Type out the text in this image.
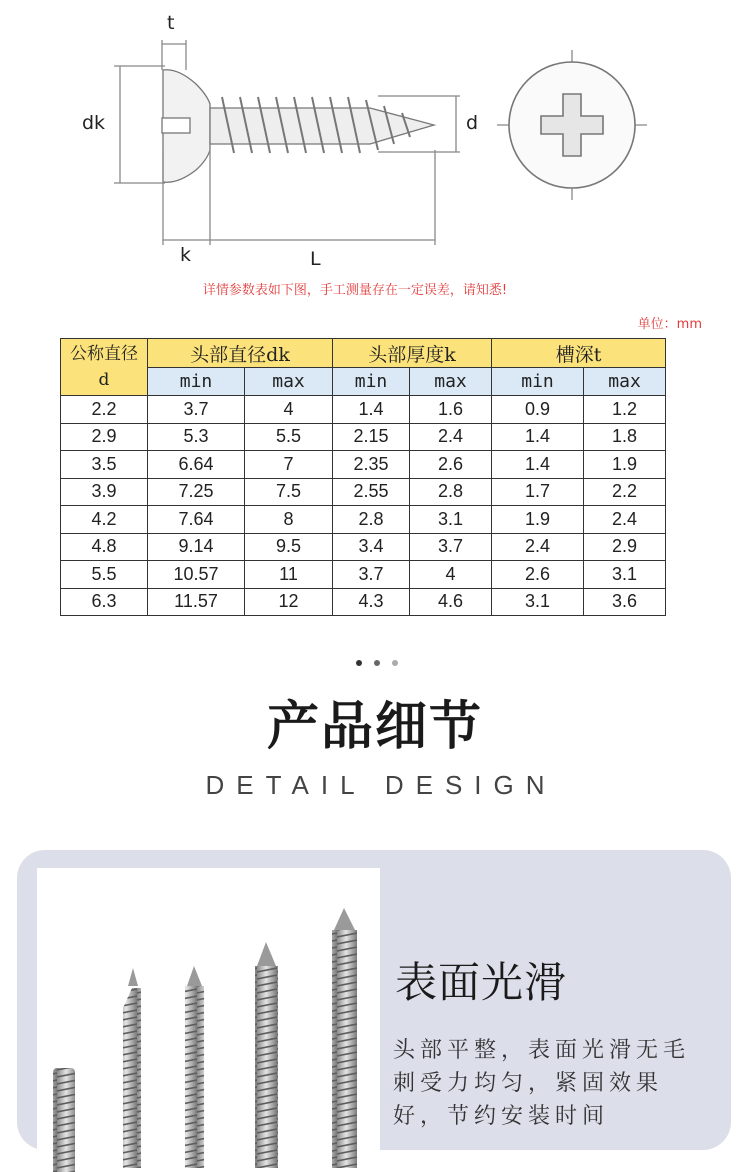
t
dk	d
k	L
详情参数表如下图，手工测量存在一定误差，请知悉!
单位：mm
公称直径
d	头部直径dk		头部厚度k		槽深t	
	min	max	min	max	min	max
2.2	3.7	4	1.4	1.6	0.9	1.2
2.9	5.3	5.5	2.15	2.4	1.4	1.8
3.5	6.64	7	2.35	2.6	1.4	1.9
3.9	7.25	7.5	2.55	2.8	1.7	2.2
4.2	7.64	8	2.8	3.1	1.9	2.4
4.8	9.14	9.5	3.4	3.7	2.4	2.9
5.5	10.57	11	3.7	4	2.6	3.1
6.3	11.57	12	4.3	4.6	3.1	3.6
产品细节
DETAIL DESIGN
表面光滑
头部平整，表面光滑无毛刺受力均匀，紧固效果好，节约安装时间
